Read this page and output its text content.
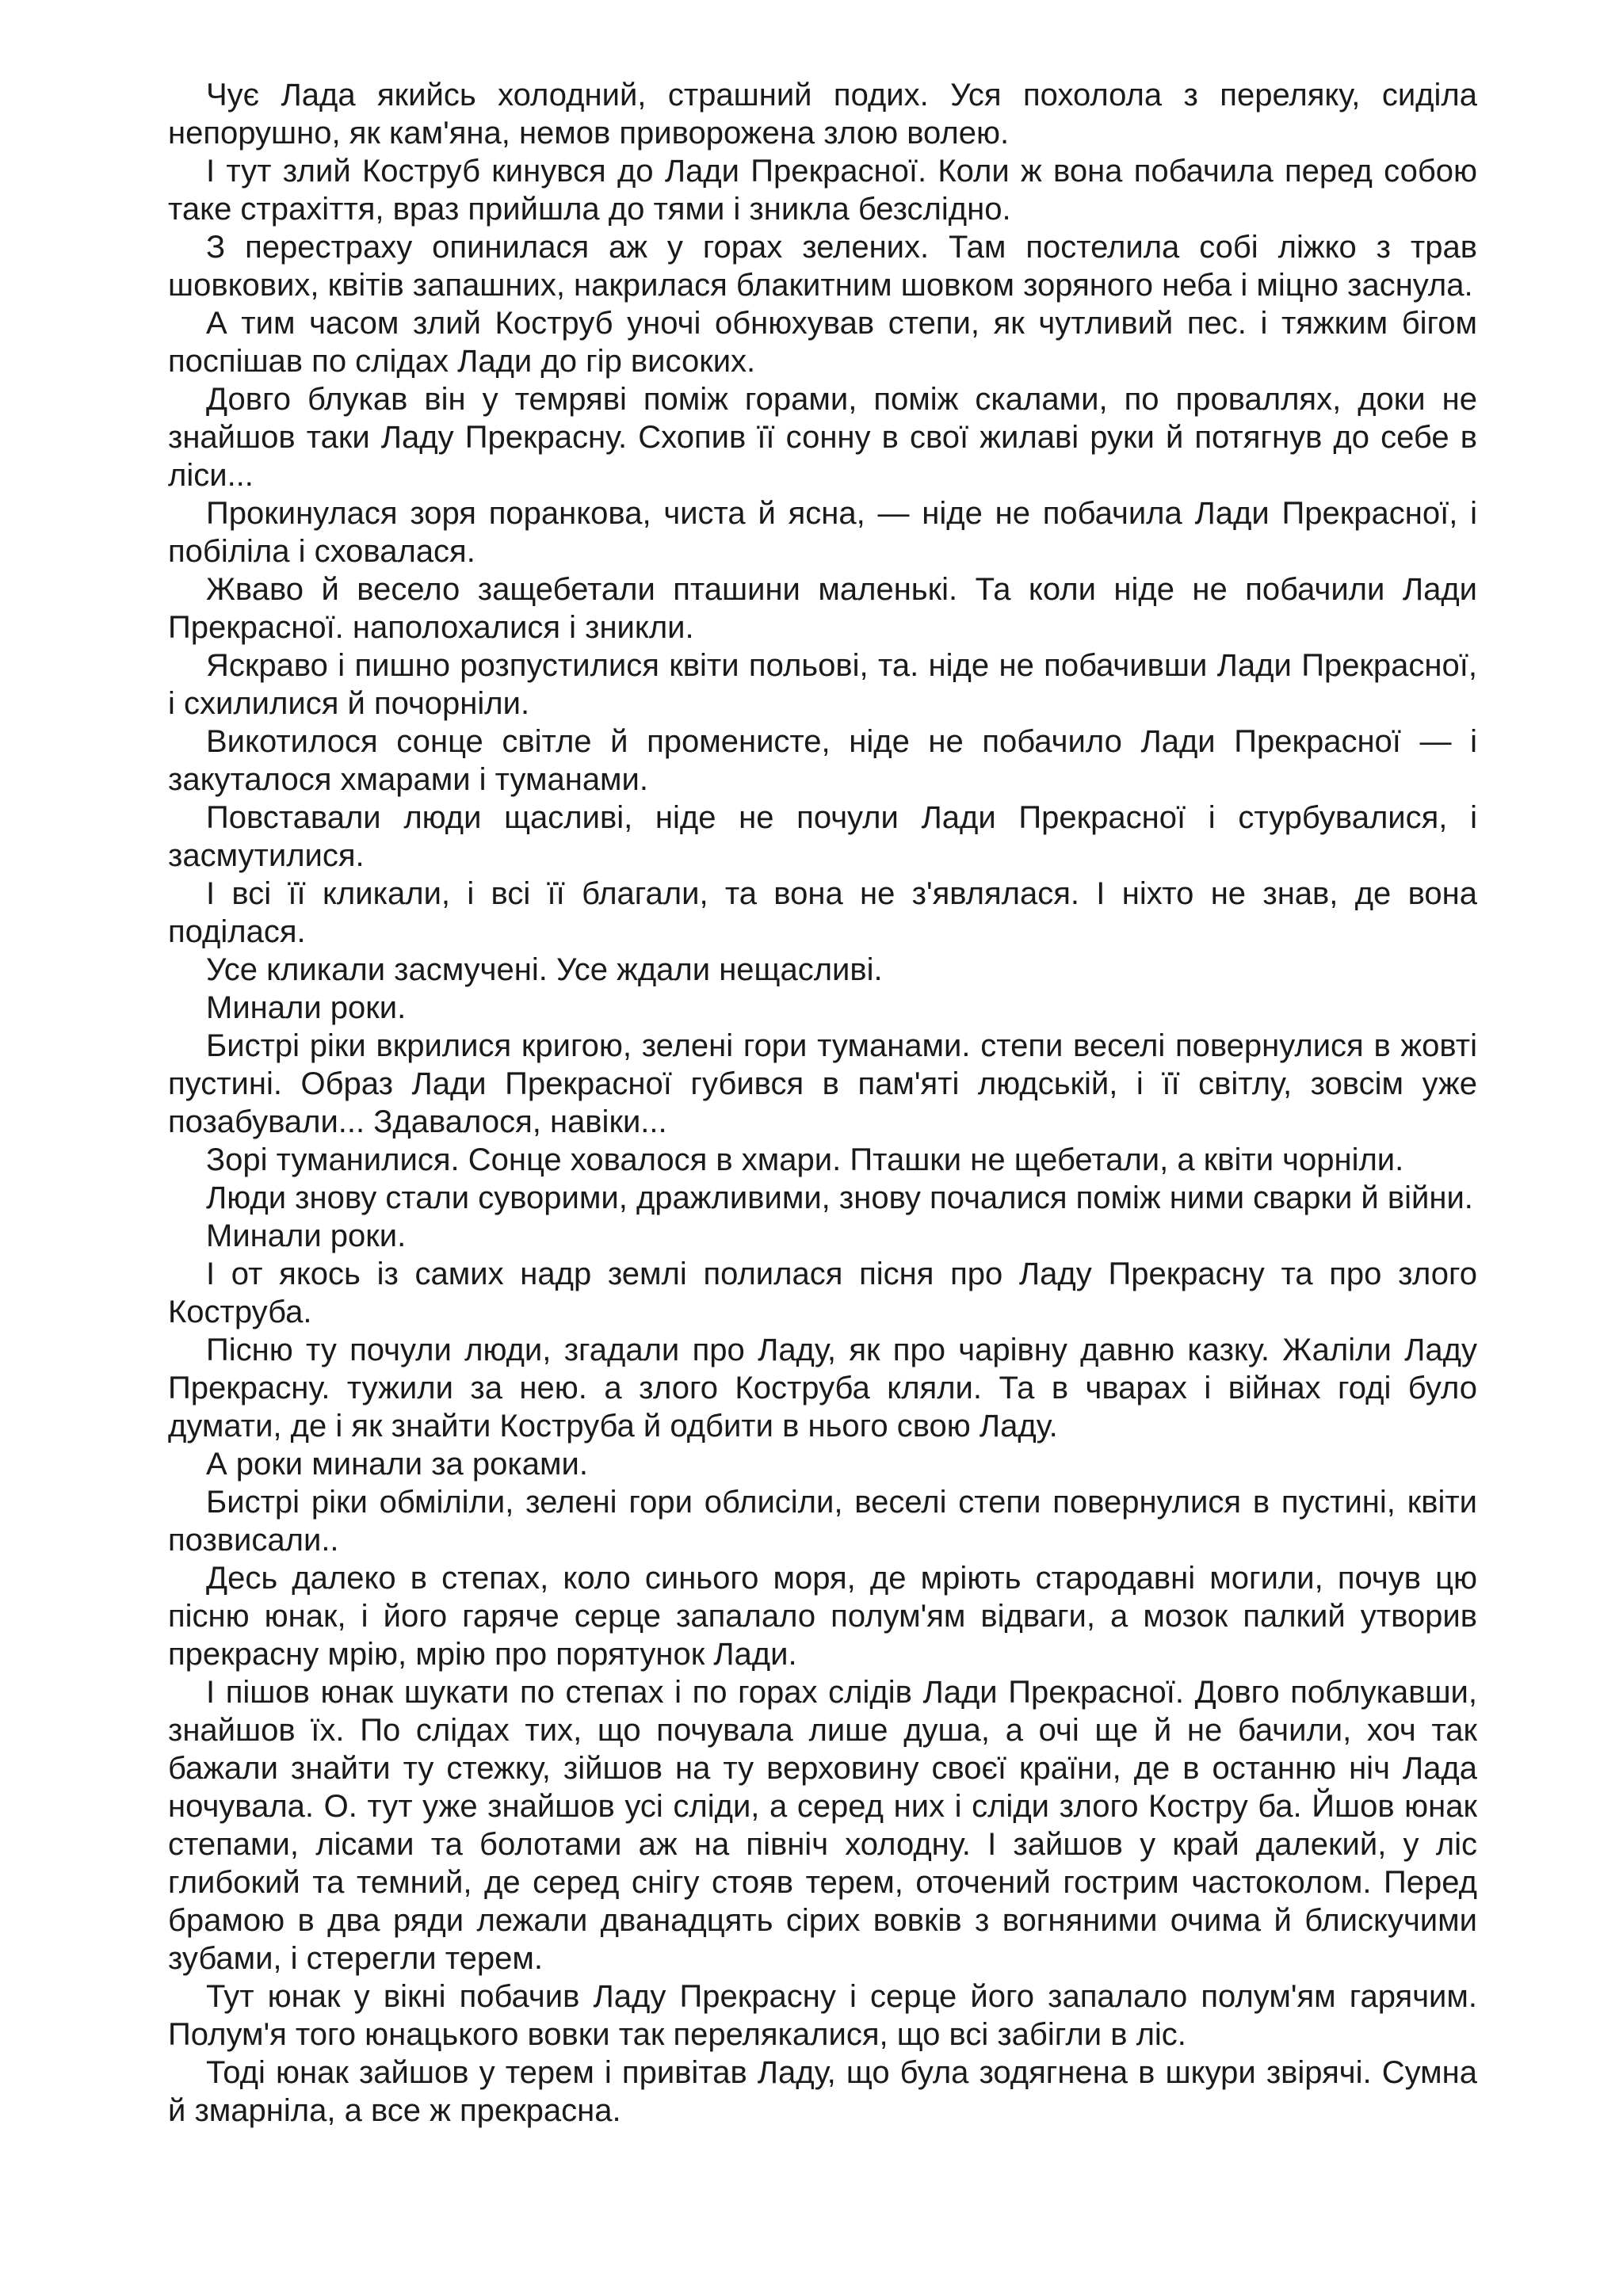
Чує Лада якийсь холодний, страшний подих. Уся похолола з переляку, сиділа непорушно, як кам'яна, немов приворожена злою волею.

І тут злий Коструб кинувся до Лади Прекрасної. Коли ж вона побачила перед собою таке страхіття, враз прийшла до тями і зникла безслідно.

З перестраху опинилася аж у горах зелених. Там постелила собі ліжко з трав шовкових, квітів запашних, накрилася блакитним шовком зоряного неба і міцно заснула.

А тим часом злий Коструб уночі обнюхував степи, як чутливий пес. і тяжким бігом поспішав по слідах Лади до гір високих.

Довго блукав він у темряві поміж горами, поміж скалами, по проваллях, доки не знайшов таки Ладу Прекрасну. Схопив її сонну в свої жилаві руки й потягнув до себе в ліси...

Прокинулася зоря поранкова, чиста й ясна, — ніде не побачила Лади Прекрасної, і побіліла і сховалася.

Жваво й весело защебетали пташини маленькі. Та коли ніде не побачили Лади Прекрасної. наполохалися і зникли.

Яскраво і пишно розпустилися квіти польові, та. ніде не побачивши Лади Прекрасної, і схилилися й почорніли.

Викотилося сонце світле й променисте, ніде не побачило Лади Прекрасної — і закуталося хмарами і туманами.

Повставали люди щасливі, ніде не почули Лади Прекрасної і стурбувалися, і засмутилися.

І всі її кликали, і всі її благали, та вона не з'являлася. І ніхто не знав, де вона поділася.

Усе кликали засмучені. Усе ждали нещасливі.

Минали роки.

Бистрі ріки вкрилися кригою, зелені гори туманами. степи веселі повернулися в жовті пустині. Образ Лади Прекрасної губився в пам'яті людській, і її світлу, зовсім уже позабували... Здавалося, навіки...

Зорі туманилися. Сонце ховалося в хмари. Пташки не щебетали, а квіти чорніли.

Люди знову стали суворими, дражливими, знову почалися поміж ними сварки й війни.

Минали роки.

І от якось із самих надр землі полилася пісня про Ладу Прекрасну та про злого Коструба.

Пісню ту почули люди, згадали про Ладу, як про чарівну давню казку. Жаліли Ладу Прекрасну. тужили за нею. а злого Коструба кляли. Та в чварах і війнах годі було думати, де і як знайти Коструба й одбити в нього свою Ладу.

А роки минали за роками.

Бистрі ріки обміліли, зелені гори облисіли, веселі степи повернулися в пустині, квіти позвисали..

Десь далеко в степах, коло синього моря, де мріють стародавні могили, почув цю пісню юнак, і його гаряче серце запалало полум'ям відваги, а мозок палкий утворив прекрасну мрію, мрію про порятунок Лади.

І пішов юнак шукати по степах і по горах слідів Лади Прекрасної. Довго поблукавши, знайшов їх. По слідах тих, що почувала лише душа, а очі ще й не бачили, хоч так бажали знайти ту стежку, зійшов на ту верховину своєї країни, де в останню ніч Лада ночувала. О. тут уже знайшов усі сліди, а серед них і сліди злого Костру ба. Йшов юнак степами, лісами та болотами аж на північ холодну. І зайшов у край далекий, у ліс глибокий та темний, де серед снігу стояв терем, оточений гострим частоколом. Перед брамою в два ряди лежали дванадцять сірих вовків з вогняними очима й блискучими зубами, і стерегли терем.

Тут юнак у вікні побачив Ладу Прекрасну і серце його запалало полум'ям гарячим. Полум'я того юнацького вовки так перелякалися, що всі забігли в ліс.

Тоді юнак зайшов у терем і привітав Ладу, що була зодягнена в шкури звірячі. Сумна й змарніла, а все ж прекрасна.
